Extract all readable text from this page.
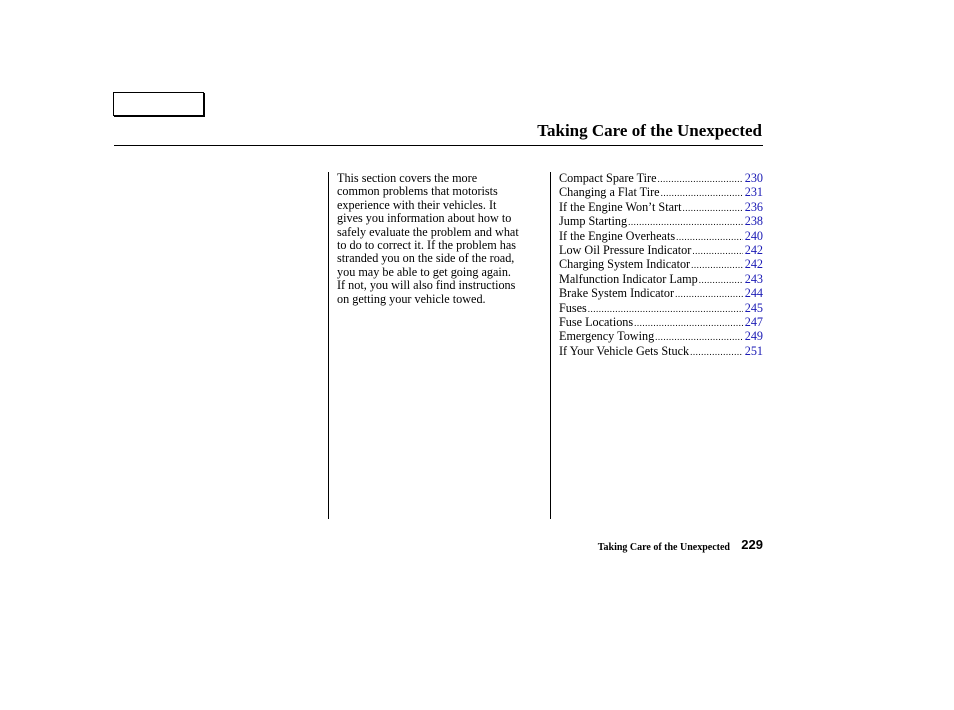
Taking Care of the Unexpected
This section covers the more
common problems that motorists
experience with their vehicles. It
gives you information about how to
safely evaluate the problem and what
to do to correct it. If the problem has
stranded you on the side of the road,
you may be able to get going again.
If not, you will also find instructions
on getting your vehicle towed.
Compact Spare Tire .....	230
Changing a Flat Tire .....	231
If the Engine Won’t Start .....	236
Jump Starting .....	238
If the Engine Overheats .....	240
Low Oil Pressure Indicator .....	242
Charging System Indicator .....	242
Malfunction Indicator Lamp .....	243
Brake System Indicator .....	244
Fuses .....	245
Fuse Locations .....	247
Emergency Towing .....	249
If Your Vehicle Gets Stuck .....	251
Taking Care of the Unexpected 229
